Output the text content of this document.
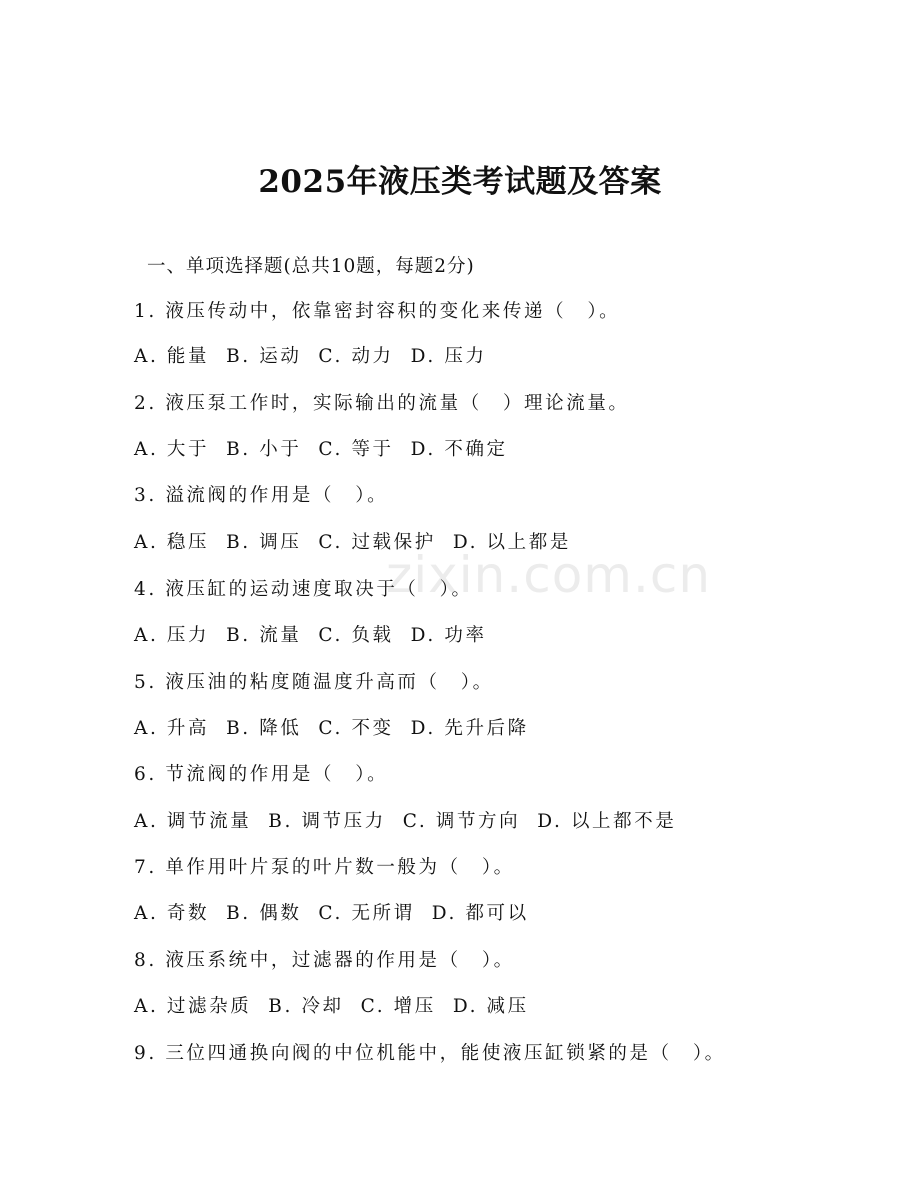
2025年液压类考试题及答案
一、单项选择题(总共10题，每题2分)
1. 液压传动中，依靠密封容积的变化来传递（　）。
A. 能量  B. 运动  C. 动力  D. 压力
2. 液压泵工作时，实际输出的流量（　）理论流量。
A. 大于  B. 小于  C. 等于  D. 不确定
3. 溢流阀的作用是（　）。
A. 稳压  B. 调压  C. 过载保护  D. 以上都是
4. 液压缸的运动速度取决于（　）。
A. 压力  B. 流量  C. 负载  D. 功率
5. 液压油的粘度随温度升高而（　）。
A. 升高  B. 降低  C. 不变  D. 先升后降
6. 节流阀的作用是（　）。
A. 调节流量  B. 调节压力  C. 调节方向  D. 以上都不是
7. 单作用叶片泵的叶片数一般为（　）。
A. 奇数  B. 偶数  C. 无所谓  D. 都可以
8. 液压系统中，过滤器的作用是（　）。
A. 过滤杂质  B. 冷却  C. 增压  D. 减压
9. 三位四通换向阀的中位机能中，能使液压缸锁紧的是（　）。
zixin.com.cn
